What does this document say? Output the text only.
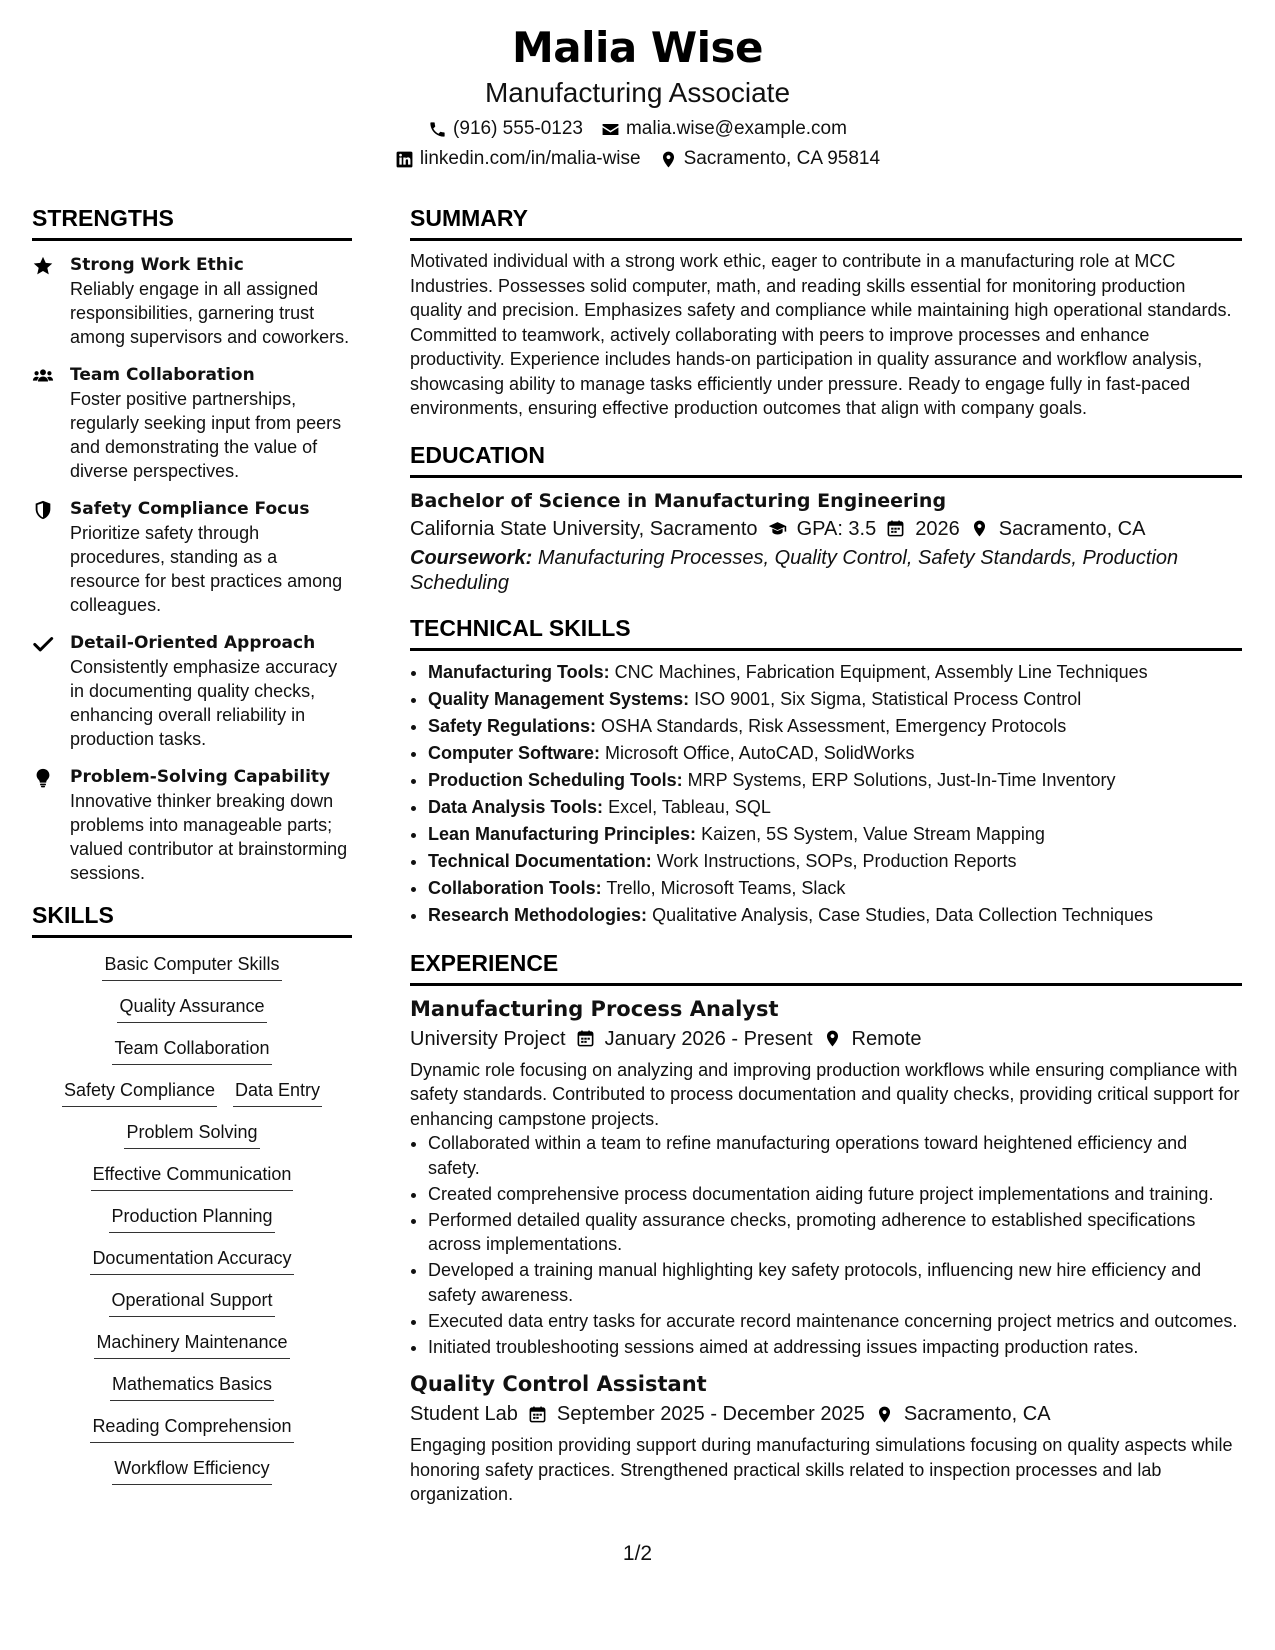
Malia Wise
Manufacturing Associate
(916) 555-0123 malia.wise@example.com
linkedin.com/in/malia-wise Sacramento, CA 95814
STRENGTHS
Strong Work Ethic
Reliably engage in all assigned responsibilities, garnering trust among supervisors and coworkers.
Team Collaboration
Foster positive partnerships, regularly seeking input from peers and demonstrating the value of diverse perspectives.
Safety Compliance Focus
Prioritize safety through procedures, standing as a resource for best practices among colleagues.
Detail-Oriented Approach
Consistently emphasize accuracy in documenting quality checks, enhancing overall reliability in production tasks.
Problem-Solving Capability
Innovative thinker breaking down problems into manageable parts; valued contributor at brainstorming sessions.
SKILLS
Basic Computer Skills
Quality Assurance
Team Collaboration
Safety Compliance Data Entry
Problem Solving
Effective Communication
Production Planning
Documentation Accuracy
Operational Support
Machinery Maintenance
Mathematics Basics
Reading Comprehension
Workflow Efficiency
SUMMARY
Motivated individual with a strong work ethic, eager to contribute in a manufacturing role at MCC Industries. Possesses solid computer, math, and reading skills essential for monitoring production quality and precision. Emphasizes safety and compliance while maintaining high operational standards. Committed to teamwork, actively collaborating with peers to improve processes and enhance productivity. Experience includes hands-on participation in quality assurance and workflow analysis, showcasing ability to manage tasks efficiently under pressure. Ready to engage fully in fast-paced environments, ensuring effective production outcomes that align with company goals.
EDUCATION
Bachelor of Science in Manufacturing Engineering
California State University, Sacramento GPA: 3.5 2026 Sacramento, CA
Coursework: Manufacturing Processes, Quality Control, Safety Standards, Production Scheduling
TECHNICAL SKILLS
• Manufacturing Tools: CNC Machines, Fabrication Equipment, Assembly Line Techniques
• Quality Management Systems: ISO 9001, Six Sigma, Statistical Process Control
• Safety Regulations: OSHA Standards, Risk Assessment, Emergency Protocols
• Computer Software: Microsoft Office, AutoCAD, SolidWorks
• Production Scheduling Tools: MRP Systems, ERP Solutions, Just-In-Time Inventory
• Data Analysis Tools: Excel, Tableau, SQL
• Lean Manufacturing Principles: Kaizen, 5S System, Value Stream Mapping
• Technical Documentation: Work Instructions, SOPs, Production Reports
• Collaboration Tools: Trello, Microsoft Teams, Slack
• Research Methodologies: Qualitative Analysis, Case Studies, Data Collection Techniques
EXPERIENCE
Manufacturing Process Analyst
University Project January 2026 - Present Remote
Dynamic role focusing on analyzing and improving production workflows while ensuring compliance with safety standards. Contributed to process documentation and quality checks, providing critical support for enhancing campstone projects.
• Collaborated within a team to refine manufacturing operations toward heightened efficiency and safety.
• Created comprehensive process documentation aiding future project implementations and training.
• Performed detailed quality assurance checks, promoting adherence to established specifications across implementations.
• Developed a training manual highlighting key safety protocols, influencing new hire efficiency and safety awareness.
• Executed data entry tasks for accurate record maintenance concerning project metrics and outcomes.
• Initiated troubleshooting sessions aimed at addressing issues impacting production rates.
Quality Control Assistant
Student Lab September 2025 - December 2025 Sacramento, CA
Engaging position providing support during manufacturing simulations focusing on quality aspects while honoring safety practices. Strengthened practical skills related to inspection processes and lab organization.
1/2
